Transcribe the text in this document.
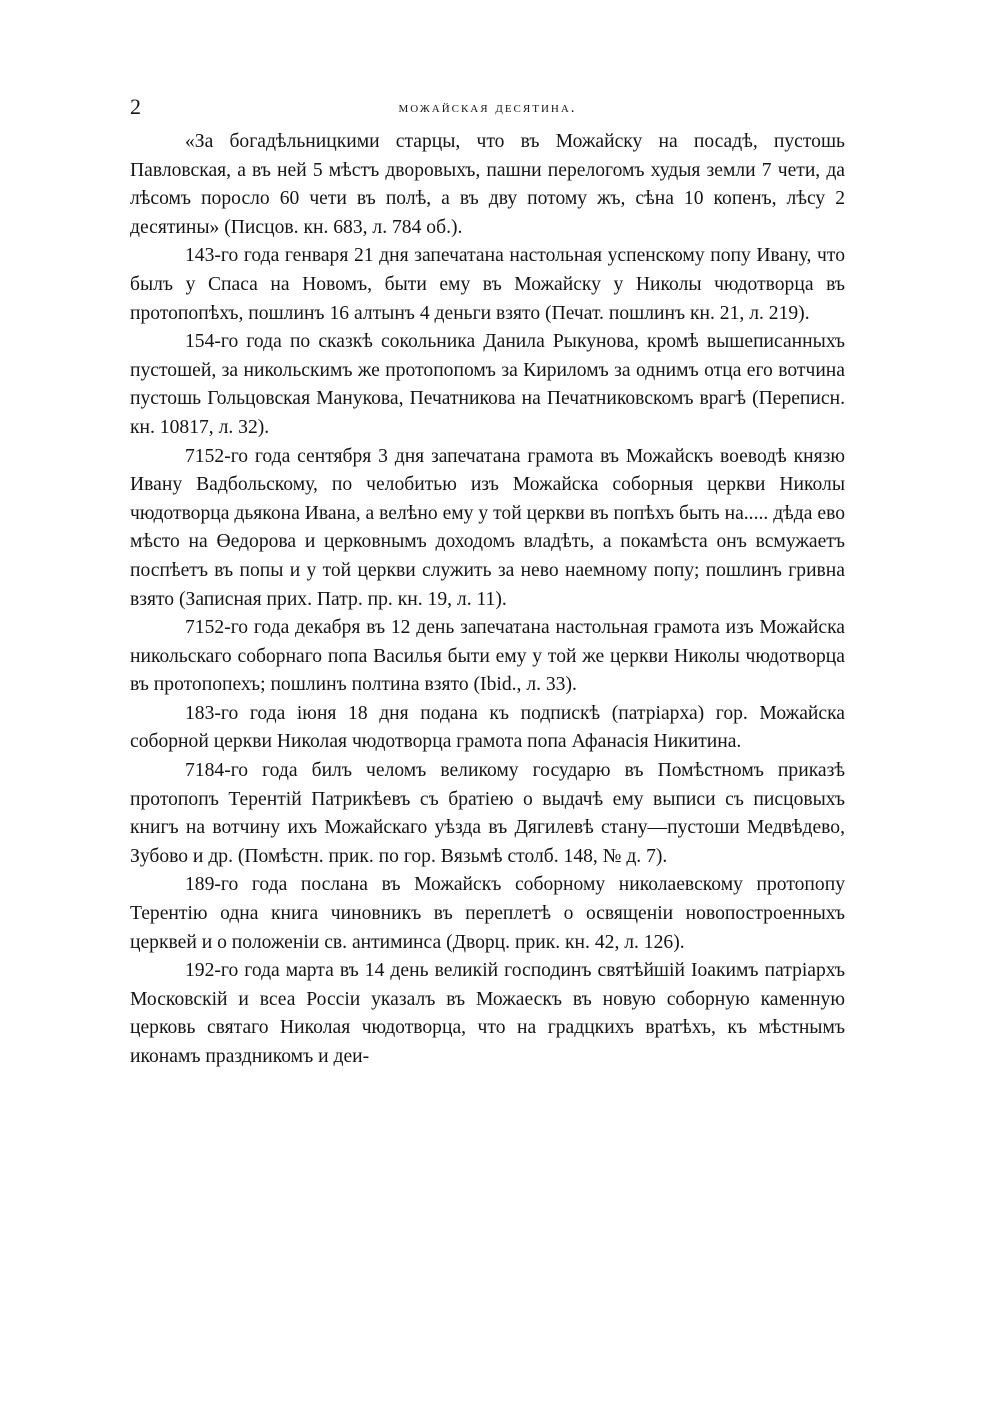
2	можайская десятина.

«За богадѣльницкими старцы, что въ Можайску на посадѣ, пустошь Павловская, а въ ней 5 мѣстъ дворовыхъ, пашни перелогомъ худыя земли 7 чети, да лѣсомъ поросло 60 чети въ полѣ, а въ дву потому жъ, сѣна 10 копенъ, лѣсу 2 десятины» (Писцов. кн. 683, л. 784 об.).

143-го года генваря 21 дня запечатана настольная успенскому попу Ивану, что былъ у Спаса на Новомъ, быти ему въ Можайску у Николы чюдотворца въ протопопѣхъ, пошлинъ 16 алтынъ 4 деньги взято (Печат. пошлинъ кн. 21, л. 219).

154-го года по сказкѣ сокольника Данила Рыкунова, кромѣ вышеписанныхъ пустошей, за никольскимъ же протопопомъ за Кириломъ за однимъ отца его вотчина пустошь Гольцовская Манукова, Печатникова на Печатниковскомъ врагѣ (Переписн. кн. 10817, л. 32).

7152-го года сентября 3 дня запечатана грамота въ Можайскъ воеводѣ князю Ивану Вадбольскому, по челобитью изъ Можайска соборныя церкви Николы чюдотворца дьякона Ивана, а велѣно ему у той церкви въ попѣхъ быть на..... дѣда ево мѣсто на Өедорова и церковнымъ доходомъ владѣть, а покамѣста онъ всмужаетъ поспѣетъ въ попы и у той церкви служить за нево наемному попу; пошлинъ гривна взято (Записная прих. Патр. пр. кн. 19, л. 11).

7152-го года декабря въ 12 день запечатана настольная грамота изъ Можайска никольскаго соборнаго попа Василья быти ему у той же церкви Николы чюдотворца въ протопопехъ; пошлинъ полтина взято (Ibid., л. 33).

183-го года іюня 18 дня подана къ подпискѣ (патріарха) гор. Можайска соборной церкви Николая чюдотворца грамота попа Афанасія Никитина.

7184-го года билъ челомъ великому государю въ Помѣстномъ приказѣ протопопъ Терентій Патрикѣевъ съ братіею о выдачѣ ему выписи съ писцовыхъ книгъ на вотчину ихъ Можайскаго уѣзда въ Дягилевѣ стану—пустоши Медвѣдево, Зубово и др. (Помѣстн. прик. по гор. Вязьмѣ столб. 148, № д. 7).

189-го года послана въ Можайскъ соборному николаевскому протопопу Терентію одна книга чиновникъ въ переплетѣ о освященіи новопостроенныхъ церквей и о положеніи св. антиминса (Дворц. прик. кн. 42, л. 126).

192-го года марта въ 14 день великій господинъ святѣйшій Іоакимъ патріархъ Московскій и всеа Россіи указалъ въ Можаескъ въ новую соборную каменную церковь святаго Николая чюдотворца, что на градцкихъ вратѣхъ, къ мѣстнымъ иконамъ праздникомъ и деи-
